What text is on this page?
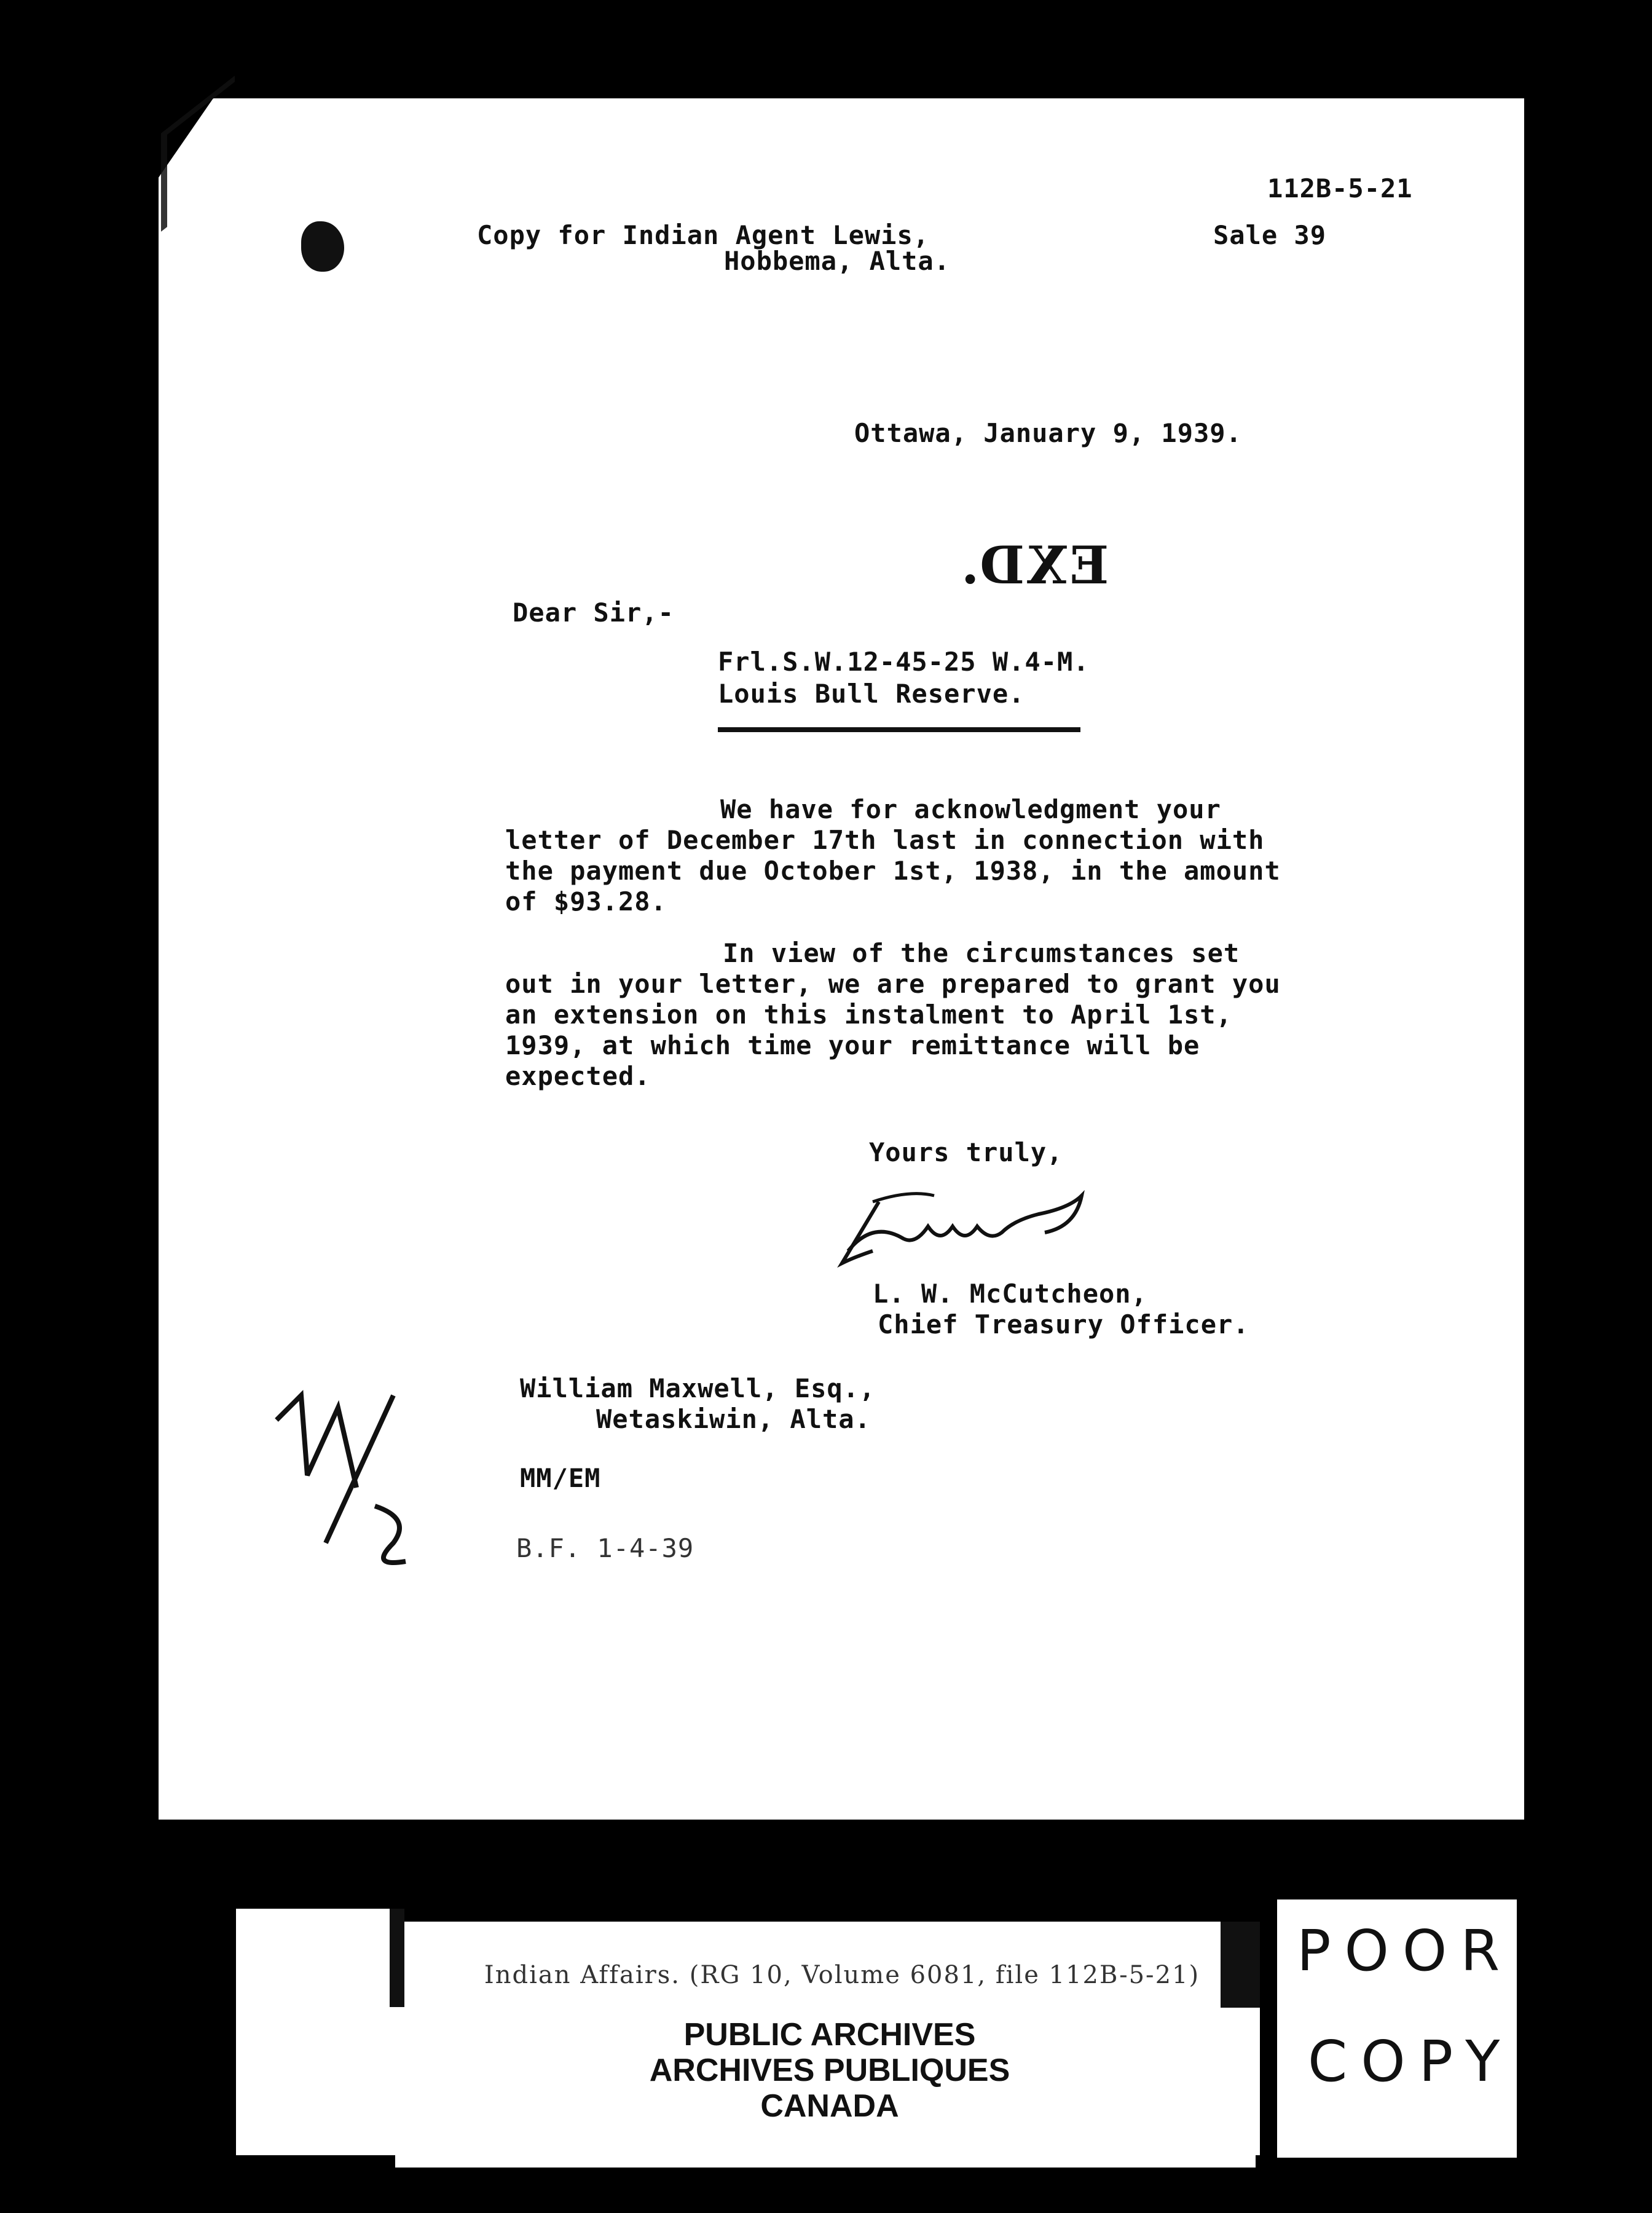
112B-5-21
Sale 39
Copy for Indian Agent Lewis,
Hobbema, Alta.
Ottawa, January 9, 1939.
EXD.
Dear Sir,-
Frl.S.W.12-45-25 W.4-M.
Louis Bull Reserve.
We have for acknowledgment your
letter of December 17th last in connection with
the payment due October 1st, 1938, in the amount
of $93.28.
In view of the circumstances set
out in your letter, we are prepared to grant you
an extension on this instalment to April 1st,
1939, at which time your remittance will be
expected.
Yours truly,
L. W. McCutcheon,
Chief Treasury Officer.
William Maxwell, Esq.,
Wetaskiwin, Alta.
MM/EM
B.F. 1-4-39
Indian Affairs. (RG 10, Volume 6081, file 112B-5-21)
PUBLIC ARCHIVES
ARCHIVES PUBLIQUES
CANADA
POOR
COPY
